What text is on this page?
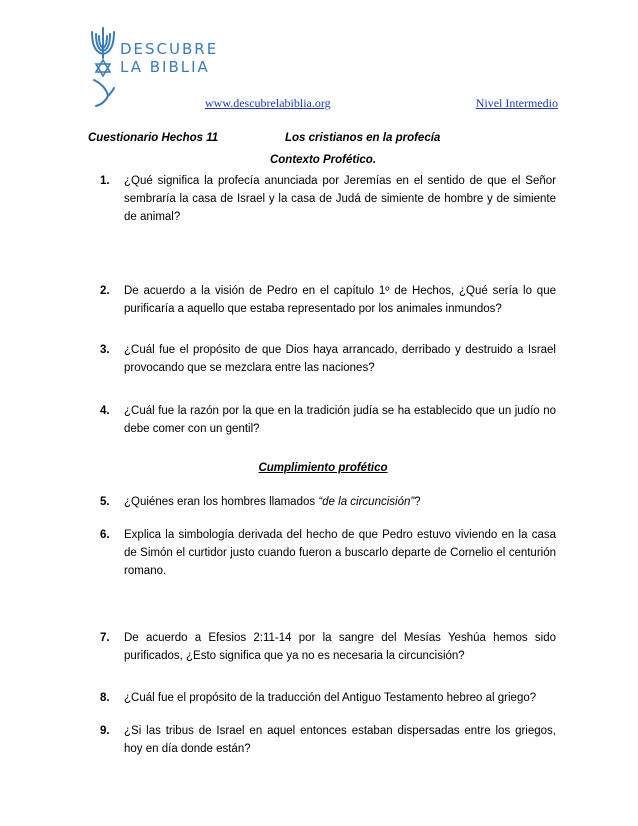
DESCUBRE
LA BIBLIA
www.descubrelabiblia.org	Nivel Intermedio
Cuestionario Hechos 11	Los cristianos en la profecía
Contexto Profético.
1.	¿Qué significa la profecía anunciada por Jeremías en el sentido de que el Señor sembraría la casa de Israel y la casa de Judá de simiente de hombre y de simiente de animal?
2.	De acuerdo a la visión de Pedro en el capítulo 1º de Hechos, ¿Qué sería lo que purificaría a aquello que estaba representado por los animales inmundos?
3.	¿Cuál fue el propósito de que Dios haya arrancado, derribado y destruido a Israel provocando que se mezclara entre las naciones?
4.	¿Cuál fue la razón por la que en la tradición judía se ha establecido que un judío no debe comer con un gentil?
Cumplimiento profético
5.	¿Quiénes eran los hombres llamados “de la circuncisión”?
6.	Explica la simbología derivada del hecho de que Pedro estuvo viviendo en la casa de Simón el curtidor justo cuando fueron a buscarlo departe de Cornelio el centurión romano.
7.	De acuerdo a Efesios 2:11-14 por la sangre del Mesías Yeshúa hemos sido purificados, ¿Esto significa que ya no es necesaria la circuncisión?
8.	¿Cuál fue el propósito de la traducción del Antiguo Testamento hebreo al griego?
9.	¿Si las tribus de Israel en aquel entonces estaban dispersadas entre los griegos, hoy en día donde están?
